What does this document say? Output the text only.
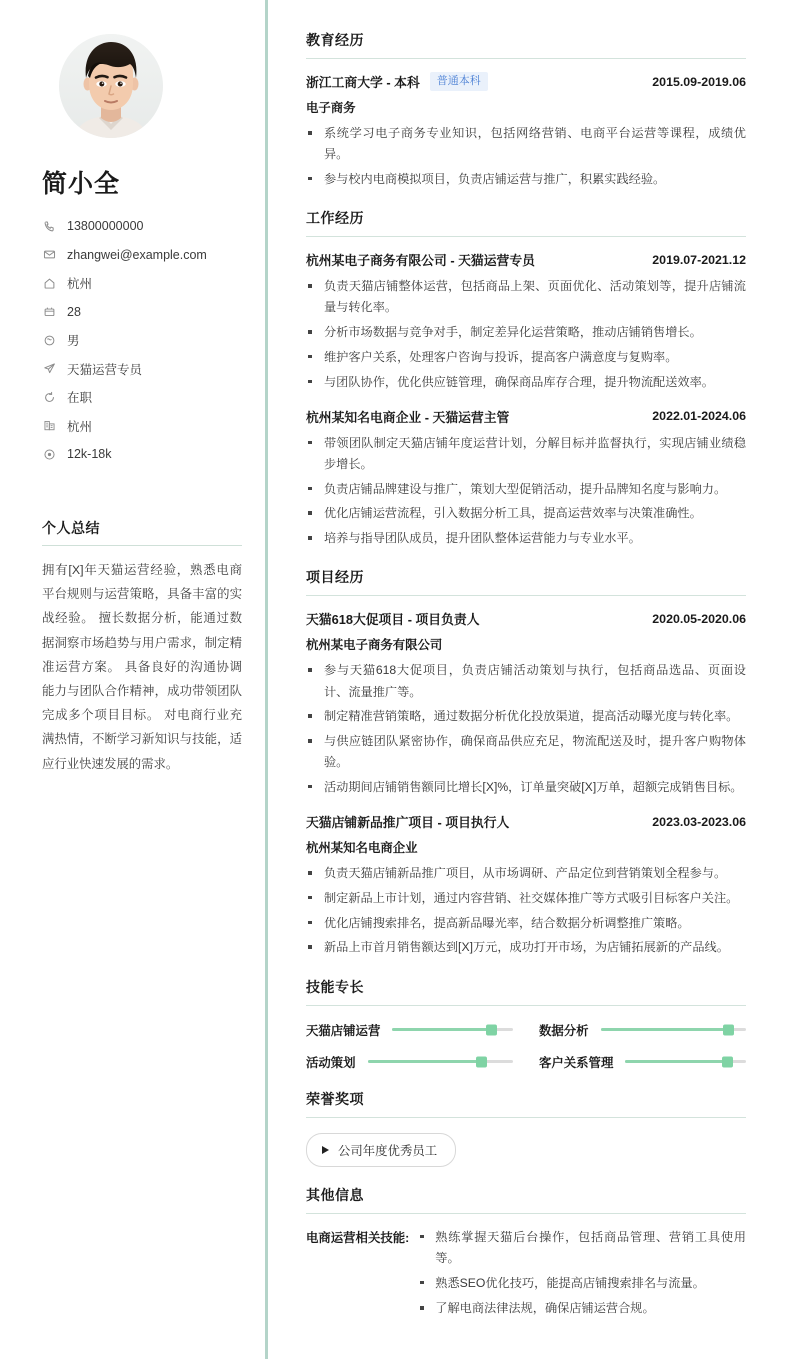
简小全
13800000000
zhangwei@example.com
杭州
28
男
天猫运营专员
在职
杭州
12k-18k
个人总结

拥有[X]年天猫运营经验，熟悉电商平台规则与运营策略，具备丰富的实战经验。 擅长数据分析，能通过数据洞察市场趋势与用户需求，制定精准运营方案。 具备良好的沟通协调能力与团队合作精神，成功带领团队完成多个项目目标。 对电商行业充满热情，不断学习新知识与技能，适应行业快速发展的需求。

教育经历
浙江工商大学 - 本科	普通本科	2015.09-2019.06
电子商务
系统学习电子商务专业知识，包括网络营销、电商平台运营等课程，成绩优异。
参与校内电商模拟项目，负责店铺运营与推广，积累实践经验。
工作经历
杭州某电子商务有限公司 - 天猫运营专员	2019.07-2021.12
负责天猫店铺整体运营，包括商品上架、页面优化、活动策划等，提升店铺流量与转化率。
分析市场数据与竞争对手，制定差异化运营策略，推动店铺销售增长。
维护客户关系，处理客户咨询与投诉，提高客户满意度与复购率。
与团队协作，优化供应链管理，确保商品库存合理，提升物流配送效率。
杭州某知名电商企业 - 天猫运营主管	2022.01-2024.06
带领团队制定天猫店铺年度运营计划，分解目标并监督执行，实现店铺业绩稳步增长。
负责店铺品牌建设与推广，策划大型促销活动，提升品牌知名度与影响力。
优化店铺运营流程，引入数据分析工具，提高运营效率与决策准确性。
培养与指导团队成员，提升团队整体运营能力与专业水平。
项目经历
天猫618大促项目 - 项目负责人	2020.05-2020.06
杭州某电子商务有限公司
参与天猫618大促项目，负责店铺活动策划与执行，包括商品选品、页面设计、流量推广等。
制定精准营销策略，通过数据分析优化投放渠道，提高活动曝光度与转化率。
与供应链团队紧密协作，确保商品供应充足，物流配送及时，提升客户购物体验。
活动期间店铺销售额同比增长[X]%，订单量突破[X]万单，超额完成销售目标。
天猫店铺新品推广项目 - 项目执行人	2023.03-2023.06
杭州某知名电商企业
负责天猫店铺新品推广项目，从市场调研、产品定位到营销策划全程参与。
制定新品上市计划，通过内容营销、社交媒体推广等方式吸引目标客户关注。
优化店铺搜索排名，提高新品曝光率，结合数据分析调整推广策略。
新品上市首月销售额达到[X]万元，成功打开市场，为店铺拓展新的产品线。
技能专长
天猫店铺运营	数据分析
活动策划	客户关系管理
荣誉奖项
公司年度优秀员工
其他信息
电商运营相关技能:	熟练掌握天猫后台操作，包括商品管理、营销工具使用等。
熟悉SEO优化技巧，能提高店铺搜索排名与流量。
了解电商法律法规，确保店铺运营合规。
